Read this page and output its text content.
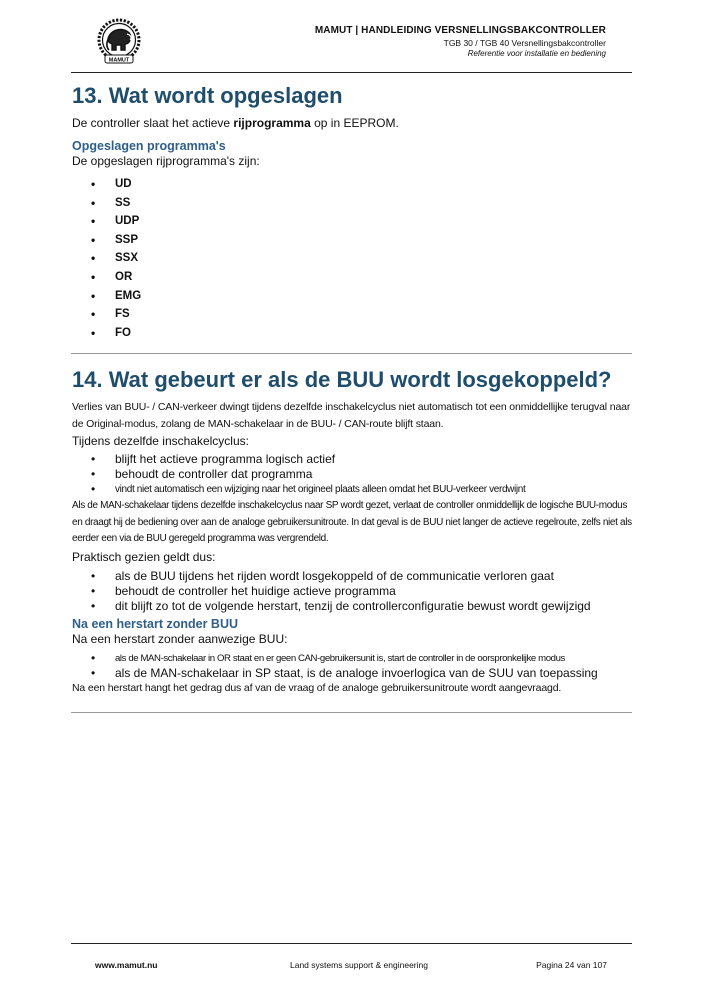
MAMUT
MAMUT | HANDLEIDING VERSNELLINGSBAKCONTROLLER
TGB 30 / TGB 40 Versnellingsbakcontroller
Referentie voor installatie en bediening
13. Wat wordt opgeslagen

De controller slaat het actieve rijprogramma op in EEPROM.

Opgeslagen programma's

De opgeslagen rijprogramma's zijn:

• UD
• SS
• UDP
• SSP
• SSX
• OR
• EMG
• FS
• FO
14. Wat gebeurt er als de BUU wordt losgekoppeld?

Verlies van BUU- / CAN-verkeer dwingt tijdens dezelfde inschakelcyclus niet automatisch tot een onmiddellijke terugval naar de Original-modus, zolang de MAN-schakelaar in de BUU- / CAN-route blijft staan.

Tijdens dezelfde inschakelcyclus:

• blijft het actieve programma logisch actief
• behoudt de controller dat programma
• vindt niet automatisch een wijziging naar het origineel plaats alleen omdat het BUU-verkeer verdwijnt

Als de MAN-schakelaar tijdens dezelfde inschakelcyclus naar SP wordt gezet, verlaat de controller onmiddellijk de logische BUU-modus en draagt hij de bediening over aan de analoge gebruikersunitroute. In dat geval is de BUU niet langer de actieve regelroute, zelfs niet als eerder een via de BUU geregeld programma was vergrendeld.

Praktisch gezien geldt dus:

• als de BUU tijdens het rijden wordt losgekoppeld of de communicatie verloren gaat
• behoudt de controller het huidige actieve programma
• dit blijft zo tot de volgende herstart, tenzij de controllerconfiguratie bewust wordt gewijzigd
Na een herstart zonder BUU

Na een herstart zonder aanwezige BUU:

• als de MAN-schakelaar in OR staat en er geen CAN-gebruikersunit is, start de controller in de oorspronkelijke modus
• als de MAN-schakelaar in SP staat, is de analoge invoerlogica van de SUU van toepassing

Na een herstart hangt het gedrag dus af van de vraag of de analoge gebruikersunitroute wordt aangevraagd.

www.mamut.nu	Land systems support & engineering	Pagina 24 van 107
